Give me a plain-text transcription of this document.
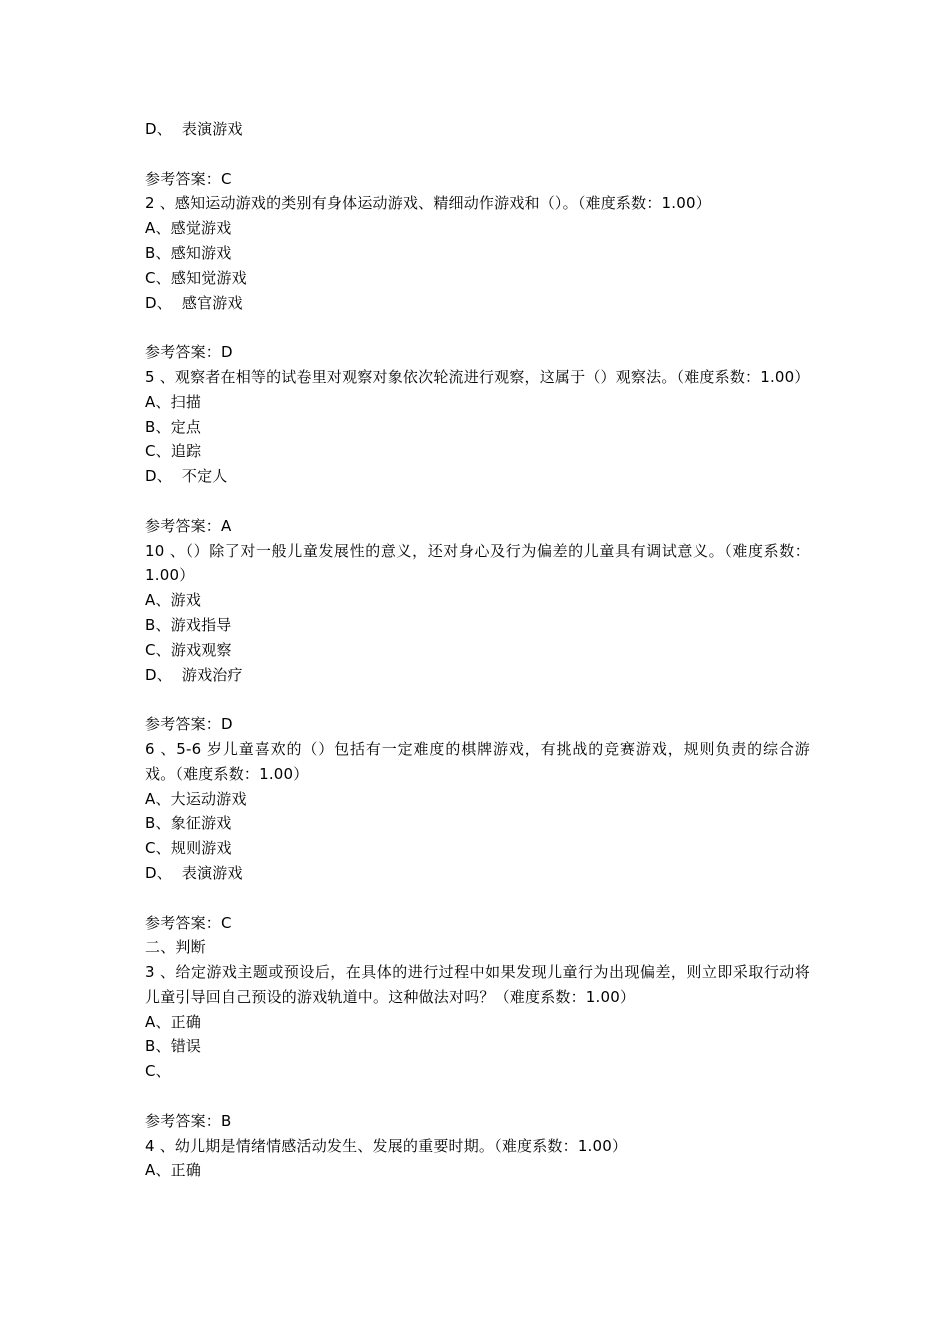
D、  表演游戏

参考答案：C

2 、感知运动游戏的类别有身体运动游戏、精细动作游戏和（）。（难度系数：1.00）

A、感觉游戏

B、感知游戏

C、感知觉游戏

D、  感官游戏

参考答案：D

5 、观察者在相等的试卷里对观察对象依次轮流进行观察，这属于（）观察法。（难度系数：1.00）

A、扫描

B、定点

C、追踪

D、  不定人

参考答案：A

10 、（）除了对一般儿童发展性的意义，还对身心及行为偏差的儿童具有调试意义。（难度系数：1.00）

A、游戏

B、游戏指导

C、游戏观察

D、  游戏治疗

参考答案：D

6 、5-6 岁儿童喜欢的（）包括有一定难度的棋牌游戏，有挑战的竞赛游戏，规则负责的综合游戏。（难度系数：1.00）

A、大运动游戏

B、象征游戏

C、规则游戏

D、  表演游戏

参考答案：C

二、判断

3 、给定游戏主题或预设后，在具体的进行过程中如果发现儿童行为出现偏差，则立即采取行动将儿童引导回自己预设的游戏轨道中。这种做法对吗？（难度系数：1.00）

A、正确

B、错误

C、

参考答案：B

4 、幼儿期是情绪情感活动发生、发展的重要时期。（难度系数：1.00）

A、正确
